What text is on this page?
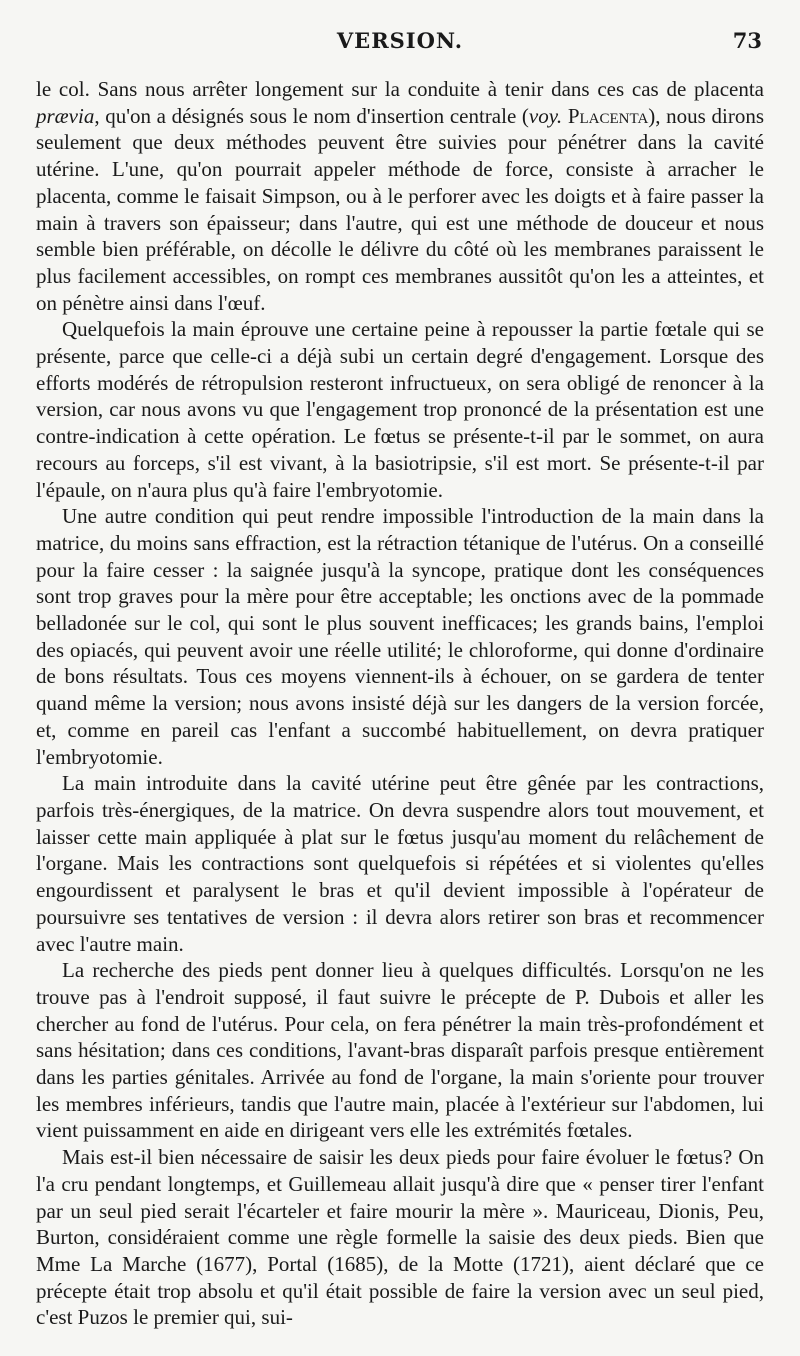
VERSION.	73

le col. Sans nous arrêter longement sur la conduite à tenir dans ces cas de placenta prævia, qu'on a désignés sous le nom d'insertion centrale (voy. Placenta), nous dirons seulement que deux méthodes peuvent être suivies pour pénétrer dans la cavité utérine. L'une, qu'on pourrait appeler méthode de force, consiste à arracher le placenta, comme le faisait Simpson, ou à le perforer avec les doigts et à faire passer la main à travers son épaisseur; dans l'autre, qui est une méthode de douceur et nous semble bien préférable, on décolle le délivre du côté où les membranes paraissent le plus facilement accessibles, on rompt ces membranes aussitôt qu'on les a atteintes, et on pénètre ainsi dans l'œuf.

Quelquefois la main éprouve une certaine peine à repousser la partie fœtale qui se présente, parce que celle-ci a déjà subi un certain degré d'engagement. Lorsque des efforts modérés de rétropulsion resteront infructueux, on sera obligé de renoncer à la version, car nous avons vu que l'engagement trop prononcé de la présentation est une contre-indication à cette opération. Le fœtus se présente-t-il par le sommet, on aura recours au forceps, s'il est vivant, à la basiotripsie, s'il est mort. Se présente-t-il par l'épaule, on n'aura plus qu'à faire l'embryotomie.

Une autre condition qui peut rendre impossible l'introduction de la main dans la matrice, du moins sans effraction, est la rétraction tétanique de l'utérus. On a conseillé pour la faire cesser : la saignée jusqu'à la syncope, pratique dont les conséquences sont trop graves pour la mère pour être acceptable; les onctions avec de la pommade belladonée sur le col, qui sont le plus souvent inefficaces; les grands bains, l'emploi des opiacés, qui peuvent avoir une réelle utilité; le chloroforme, qui donne d'ordinaire de bons résultats. Tous ces moyens viennent-ils à échouer, on se gardera de tenter quand même la version; nous avons insisté déjà sur les dangers de la version forcée, et, comme en pareil cas l'enfant a succombé habituellement, on devra pratiquer l'embryotomie.

La main introduite dans la cavité utérine peut être gênée par les contractions, parfois très-énergiques, de la matrice. On devra suspendre alors tout mouvement, et laisser cette main appliquée à plat sur le fœtus jusqu'au moment du relâchement de l'organe. Mais les contractions sont quelquefois si répétées et si violentes qu'elles engourdissent et paralysent le bras et qu'il devient impossible à l'opérateur de poursuivre ses tentatives de version : il devra alors retirer son bras et recommencer avec l'autre main.

La recherche des pieds pent donner lieu à quelques difficultés. Lorsqu'on ne les trouve pas à l'endroit supposé, il faut suivre le précepte de P. Dubois et aller les chercher au fond de l'utérus. Pour cela, on fera pénétrer la main très-profondément et sans hésitation; dans ces conditions, l'avant-bras disparaît parfois presque entièrement dans les parties génitales. Arrivée au fond de l'organe, la main s'oriente pour trouver les membres inférieurs, tandis que l'autre main, placée à l'extérieur sur l'abdomen, lui vient puissamment en aide en dirigeant vers elle les extrémités fœtales.

Mais est-il bien nécessaire de saisir les deux pieds pour faire évoluer le fœtus? On l'a cru pendant longtemps, et Guillemeau allait jusqu'à dire que « penser tirer l'enfant par un seul pied serait l'écarteler et faire mourir la mère ». Mauriceau, Dionis, Peu, Burton, considéraient comme une règle formelle la saisie des deux pieds. Bien que Mme La Marche (1677), Portal (1685), de la Motte (1721), aient déclaré que ce précepte était trop absolu et qu'il était possible de faire la version avec un seul pied, c'est Puzos le premier qui, sui-
